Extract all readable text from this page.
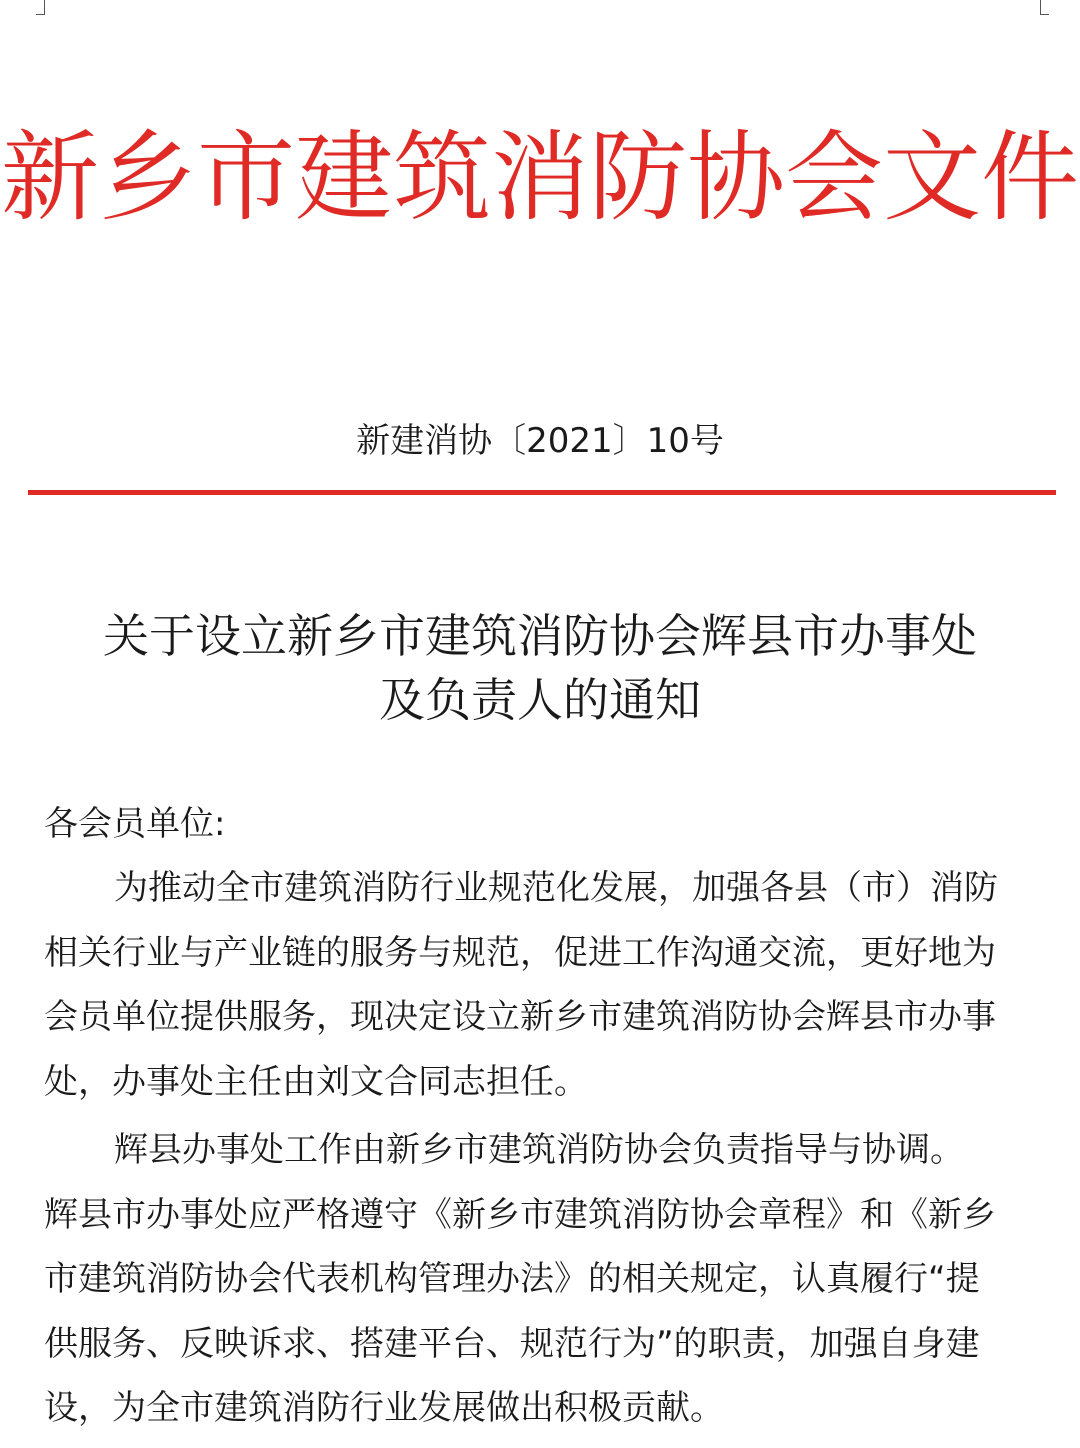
新乡市建筑消防协会文件
新建消协〔2021〕10号
关于设立新乡市建筑消防协会辉县市办事处
及负责人的通知
各会员单位:
为推动全市建筑消防行业规范化发展，加强各县（市）消防
相关行业与产业链的服务与规范，促进工作沟通交流，更好地为
会员单位提供服务，现决定设立新乡市建筑消防协会辉县市办事
处，办事处主任由刘文合同志担任。
辉县办事处工作由新乡市建筑消防协会负责指导与协调。
辉县市办事处应严格遵守《新乡市建筑消防协会章程》和《新乡
市建筑消防协会代表机构管理办法》的相关规定，认真履行“提
供服务、反映诉求、搭建平台、规范行为”的职责，加强自身建
设，为全市建筑消防行业发展做出积极贡献。
